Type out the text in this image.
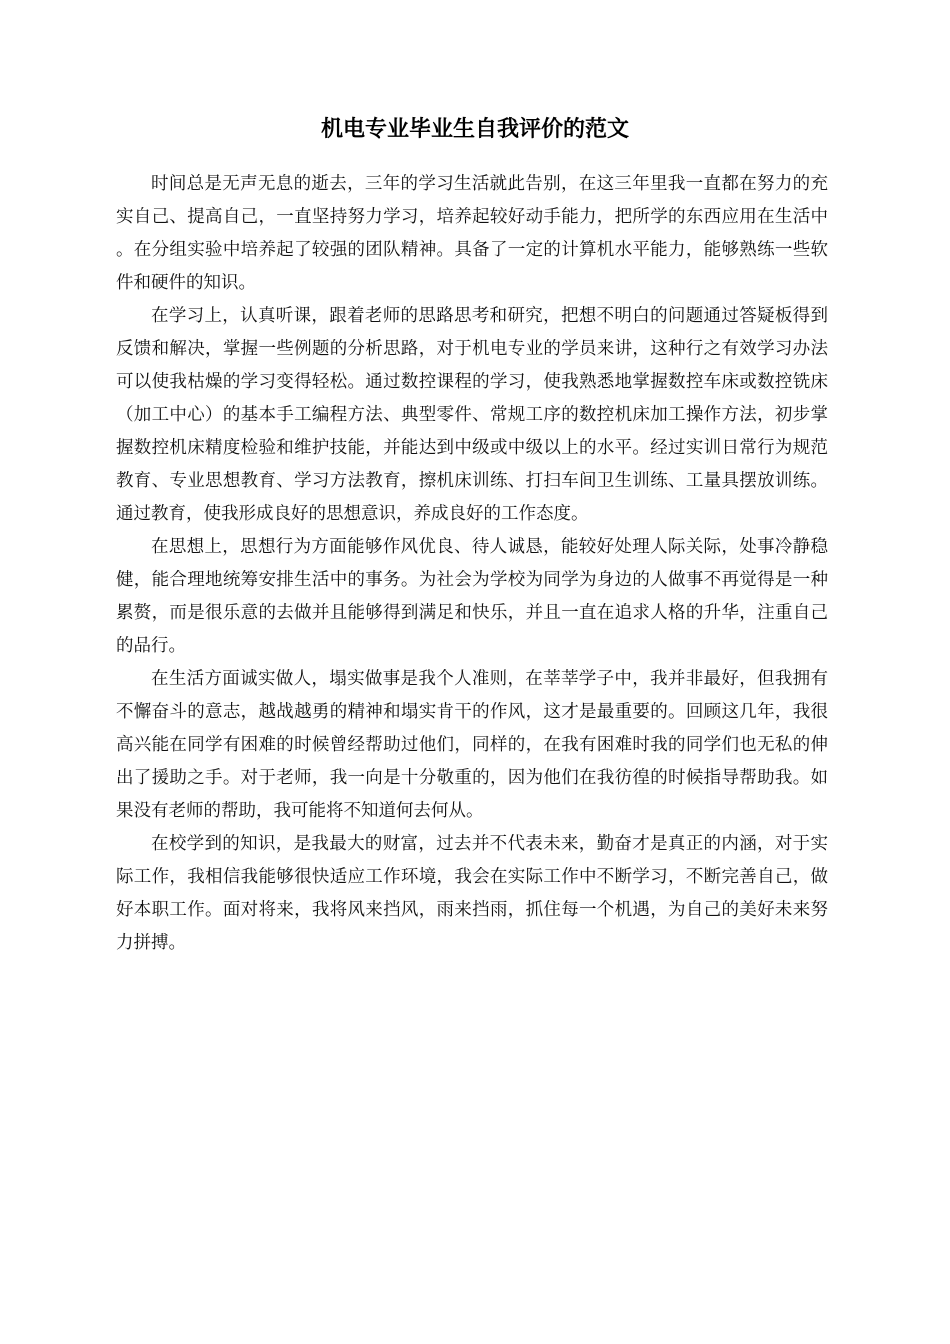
机电专业毕业生自我评价的范文

时间总是无声无息的逝去，三年的学习生活就此告别，在这三年里我一直都在努力的充实自己、提高自己，一直坚持努力学习，培养起较好动手能力，把所学的东西应用在生活中。在分组实验中培养起了较强的团队精神。具备了一定的计算机水平能力，能够熟练一些软件和硬件的知识。

在学习上，认真听课，跟着老师的思路思考和研究，把想不明白的问题通过答疑板得到反馈和解决，掌握一些例题的分析思路，对于机电专业的学员来讲，这种行之有效学习办法可以使我枯燥的学习变得轻松。通过数控课程的学习，使我熟悉地掌握数控车床或数控铣床（加工中心）的基本手工编程方法、典型零件、常规工序的数控机床加工操作方法，初步掌握数控机床精度检验和维护技能，并能达到中级或中级以上的水平。经过实训日常行为规范教育、专业思想教育、学习方法教育，擦机床训练、打扫车间卫生训练、工量具摆放训练。通过教育，使我形成良好的思想意识，养成良好的工作态度。

在思想上，思想行为方面能够作风优良、待人诚恳，能较好处理人际关际，处事冷静稳健，能合理地统筹安排生活中的事务。为社会为学校为同学为身边的人做事不再觉得是一种累赘，而是很乐意的去做并且能够得到满足和快乐，并且一直在追求人格的升华，注重自己的品行。

在生活方面诚实做人，塌实做事是我个人准则，在莘莘学子中，我并非最好，但我拥有不懈奋斗的意志，越战越勇的精神和塌实肯干的作风，这才是最重要的。回顾这几年，我很高兴能在同学有困难的时候曾经帮助过他们，同样的，在我有困难时我的同学们也无私的伸出了援助之手。对于老师，我一向是十分敬重的，因为他们在我彷徨的时候指导帮助我。如果没有老师的帮助，我可能将不知道何去何从。

在校学到的知识，是我最大的财富，过去并不代表未来，勤奋才是真正的内涵，对于实际工作，我相信我能够很快适应工作环境，我会在实际工作中不断学习，不断完善自己，做好本职工作。面对将来，我将风来挡风，雨来挡雨，抓住每一个机遇，为自己的美好未来努力拼搏。
